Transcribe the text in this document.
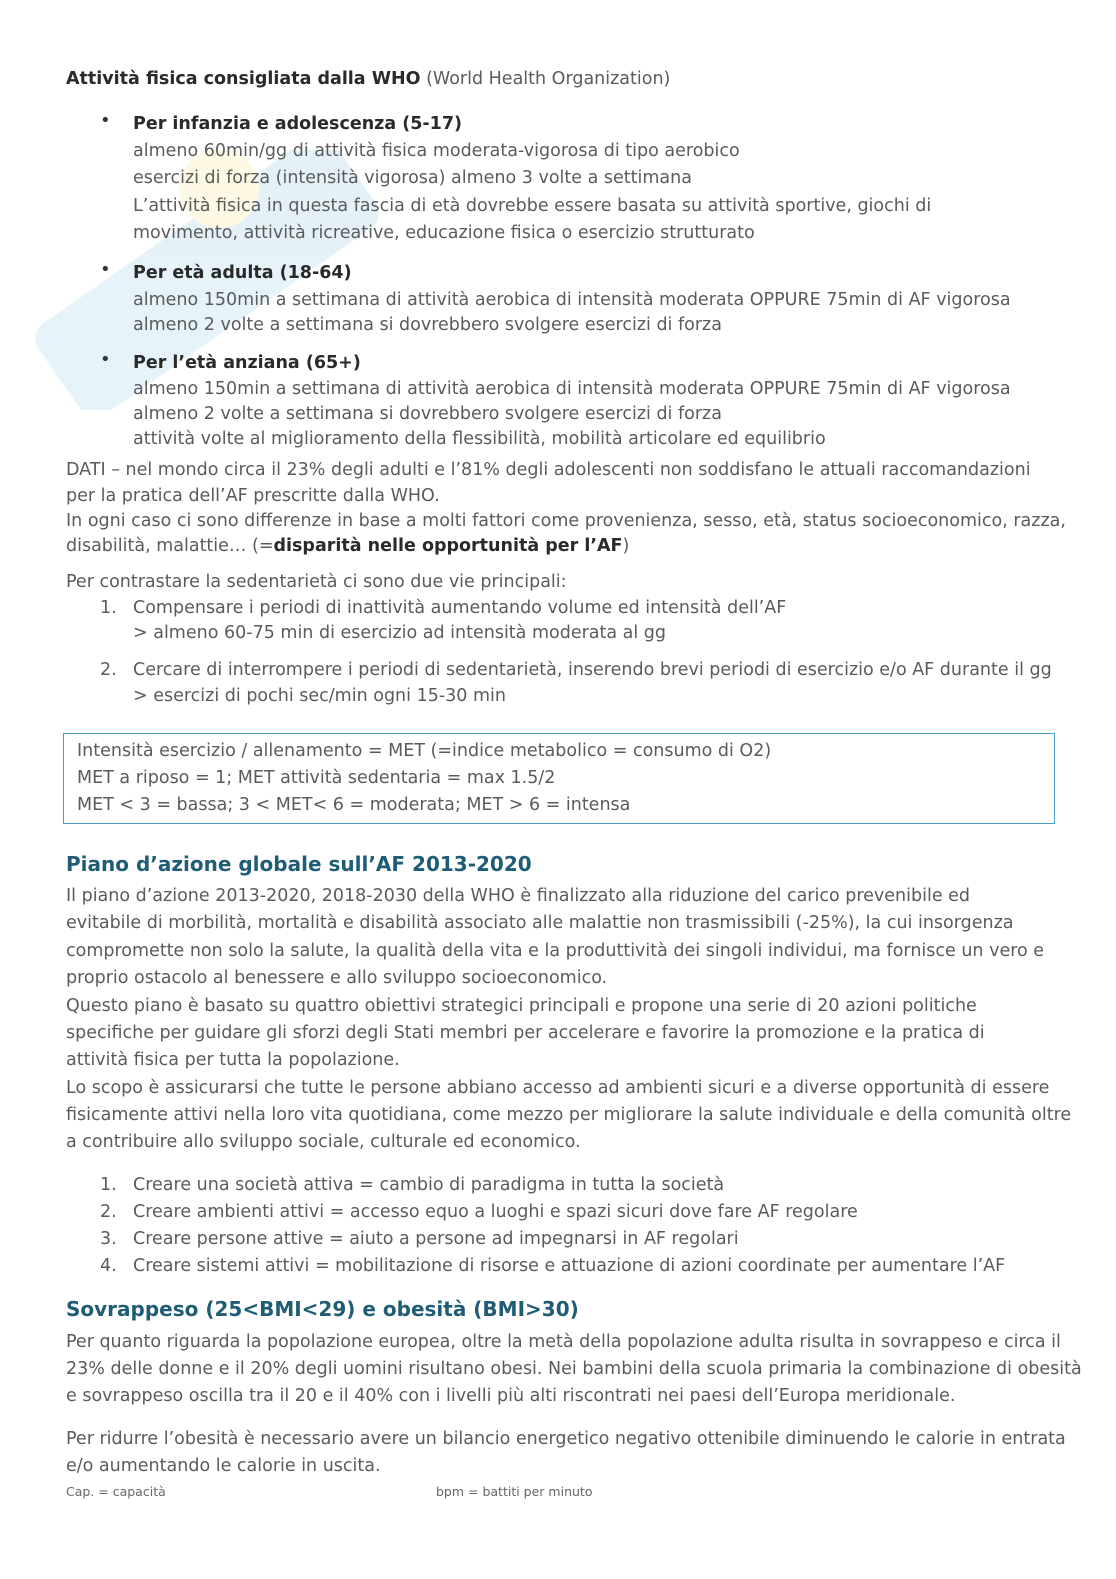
Attività fisica consigliata dalla WHO (World Health Organization)
• Per infanzia e adolescenza (5-17)
almeno 60min/gg di attività fisica moderata-vigorosa di tipo aerobico
esercizi di forza (intensità vigorosa) almeno 3 volte a settimana
L’attività fisica in questa fascia di età dovrebbe essere basata su attività sportive, giochi di
movimento, attività ricreative, educazione fisica o esercizio strutturato
• Per età adulta (18-64)
almeno 150min a settimana di attività aerobica di intensità moderata OPPURE 75min di AF vigorosa
almeno 2 volte a settimana si dovrebbero svolgere esercizi di forza
• Per l’età anziana (65+)
almeno 150min a settimana di attività aerobica di intensità moderata OPPURE 75min di AF vigorosa
almeno 2 volte a settimana si dovrebbero svolgere esercizi di forza
attività volte al miglioramento della flessibilità, mobilità articolare ed equilibrio
DATI – nel mondo circa il 23% degli adulti e l’81% degli adolescenti non soddisfano le attuali raccomandazioni
per la pratica dell’AF prescritte dalla WHO.
In ogni caso ci sono differenze in base a molti fattori come provenienza, sesso, età, status socioeconomico, razza,
disabilità, malattie… (=disparità nelle opportunità per l’AF)
Per contrastare la sedentarietà ci sono due vie principali:
1. Compensare i periodi di inattività aumentando volume ed intensità dell’AF
> almeno 60-75 min di esercizio ad intensità moderata al gg
2. Cercare di interrompere i periodi di sedentarietà, inserendo brevi periodi di esercizio e/o AF durante il gg
> esercizi di pochi sec/min ogni 15-30 min
Intensità esercizio / allenamento = MET (=indice metabolico = consumo di O2)
MET a riposo = 1; MET attività sedentaria = max 1.5/2
MET < 3 = bassa; 3 < MET< 6 = moderata; MET > 6 = intensa
Piano d’azione globale sull’AF 2013-2020
Il piano d’azione 2013-2020, 2018-2030 della WHO è finalizzato alla riduzione del carico prevenibile ed
evitabile di morbilità, mortalità e disabilità associato alle malattie non trasmissibili (-25%), la cui insorgenza
compromette non solo la salute, la qualità della vita e la produttività dei singoli individui, ma fornisce un vero e
proprio ostacolo al benessere e allo sviluppo socioeconomico.
Questo piano è basato su quattro obiettivi strategici principali e propone una serie di 20 azioni politiche
specifiche per guidare gli sforzi degli Stati membri per accelerare e favorire la promozione e la pratica di
attività fisica per tutta la popolazione.
Lo scopo è assicurarsi che tutte le persone abbiano accesso ad ambienti sicuri e a diverse opportunità di essere
fisicamente attivi nella loro vita quotidiana, come mezzo per migliorare la salute individuale e della comunità oltre
a contribuire allo sviluppo sociale, culturale ed economico.
1. Creare una società attiva = cambio di paradigma in tutta la società
2. Creare ambienti attivi = accesso equo a luoghi e spazi sicuri dove fare AF regolare
3. Creare persone attive = aiuto a persone ad impegnarsi in AF regolari
4. Creare sistemi attivi = mobilitazione di risorse e attuazione di azioni coordinate per aumentare l’AF
Sovrappeso (25<BMI<29) e obesità (BMI>30)
Per quanto riguarda la popolazione europea, oltre la metà della popolazione adulta risulta in sovrappeso e circa il
23% delle donne e il 20% degli uomini risultano obesi. Nei bambini della scuola primaria la combinazione di obesità
e sovrappeso oscilla tra il 20 e il 40% con i livelli più alti riscontrati nei paesi dell’Europa meridionale.
Per ridurre l’obesità è necessario avere un bilancio energetico negativo ottenibile diminuendo le calorie in entrata
e/o aumentando le calorie in uscita.
Cap. = capacità	bpm = battiti per minuto
